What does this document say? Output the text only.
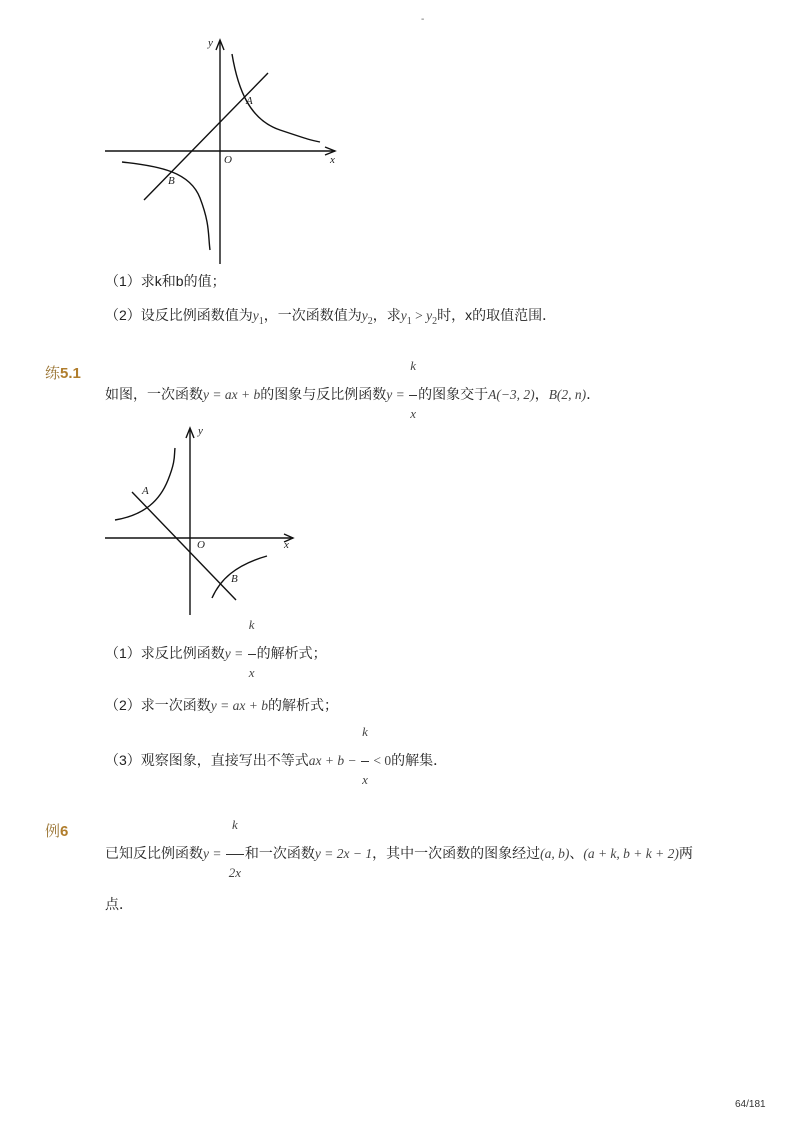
-
y
x
O
A
B
（1）求k和b的值；
（2）设反比例函数值为$y_1$，一次函数值为$y_2$，求$y_1 > y_2$时，x的取值范围．
练5.1
如图，一次函数y = ax + b的图象与反比例函数$y = \frac{k}{x}$ 的图象交于A(−3, 2)，B(2, n)．
y
x
O
A
B
（1）求反比例函数$y = \frac{k}{x}$ 的解析式；
（2）求一次函数y = ax + b的解析式；
（3）观察图象，直接写出不等式ax + $b - \frac{k}{x} < 0$的解集．
例6
已知反比例函数$y = \frac{k}{2x}$ 和一次函数y = 2x − 1，其中一次函数的图象经过(a, b)、(a + k, b + k + 2)两
点．
64/181
